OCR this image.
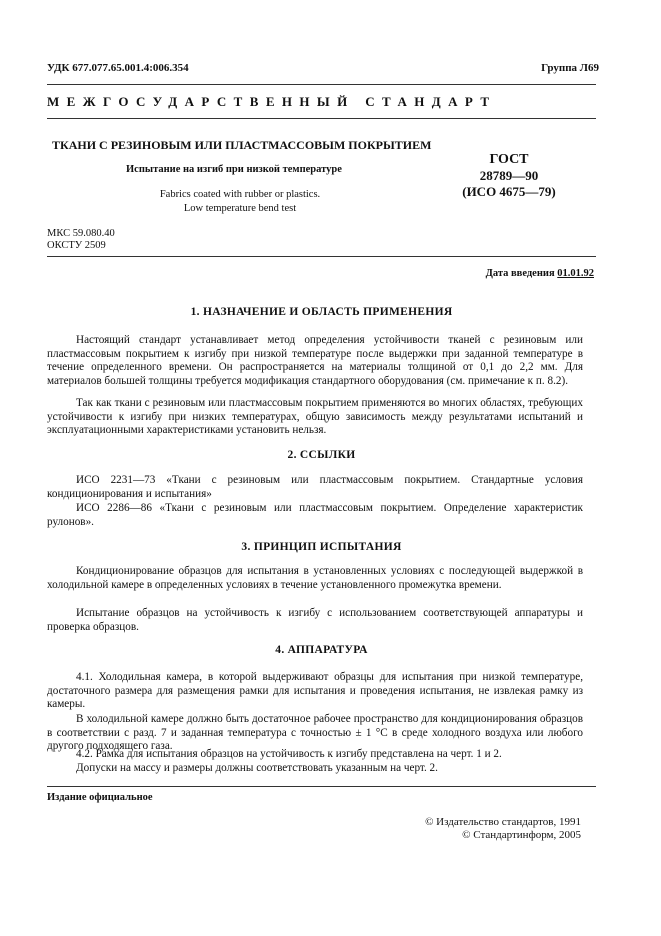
УДК 677.077.65.001.4:006.354	Группа Л69
МЕЖГОСУДАРСТВЕННЫЙ СТАНДАРТ
ТКАНИ С РЕЗИНОВЫМ ИЛИ ПЛАСТМАССОВЫМ ПОКРЫТИЕМ
Испытание на изгиб при низкой температуре
Fabrics coated with rubber or plastics.
Low temperature bend test
ГОСТ
28789—90
(ИСО 4675—79)
МКС 59.080.40
ОКСТУ 2509
Дата введения 01.01.92
1. НАЗНАЧЕНИЕ И ОБЛАСТЬ ПРИМЕНЕНИЯ
Настоящий стандарт устанавливает метод определения устойчивости тканей с резиновым или пластмассовым покрытием к изгибу при низкой температуре после выдержки при заданной температуре в течение определенного времени. Он распространяется на материалы толщиной от 0,1 до 2,2 мм. Для материалов большей толщины требуется модификация стандартного оборудования (см. примечание к п. 8.2).
Так как ткани с резиновым или пластмассовым покрытием применяются во многих областях, требующих устойчивости к изгибу при низких температурах, общую зависимость между результатами испытаний и эксплуатационными характеристиками установить нельзя.
2. ССЫЛКИ
ИСО 2231—73 «Ткани с резиновым или пластмассовым покрытием. Стандартные условия кондиционирования и испытания»
ИСО 2286—86 «Ткани с резиновым или пластмассовым покрытием. Определение характеристик рулонов».
3. ПРИНЦИП ИСПЫТАНИЯ
Кондиционирование образцов для испытания в установленных условиях с последующей выдержкой в холодильной камере в определенных условиях в течение установленного промежутка времени.
Испытание образцов на устойчивость к изгибу с использованием соответствующей аппаратуры и проверка образцов.
4. АППАРАТУРА
4.1. Холодильная камера, в которой выдерживают образцы для испытания при низкой температуре, достаточного размера для размещения рамки для испытания и проведения испытания, не извлекая рамку из камеры.
В холодильной камере должно быть достаточное рабочее пространство для кондиционирования образцов в соответствии с разд. 7 и заданная температура с точностью ± 1 °С в среде холодного воздуха или любого другого подходящего газа.
4.2. Рамка для испытания образцов на устойчивость к изгибу представлена на черт. 1 и 2.
Допуски на массу и размеры должны соответствовать указанным на черт. 2.
Издание официальное
© Издательство стандартов, 1991
© Стандартинформ, 2005
